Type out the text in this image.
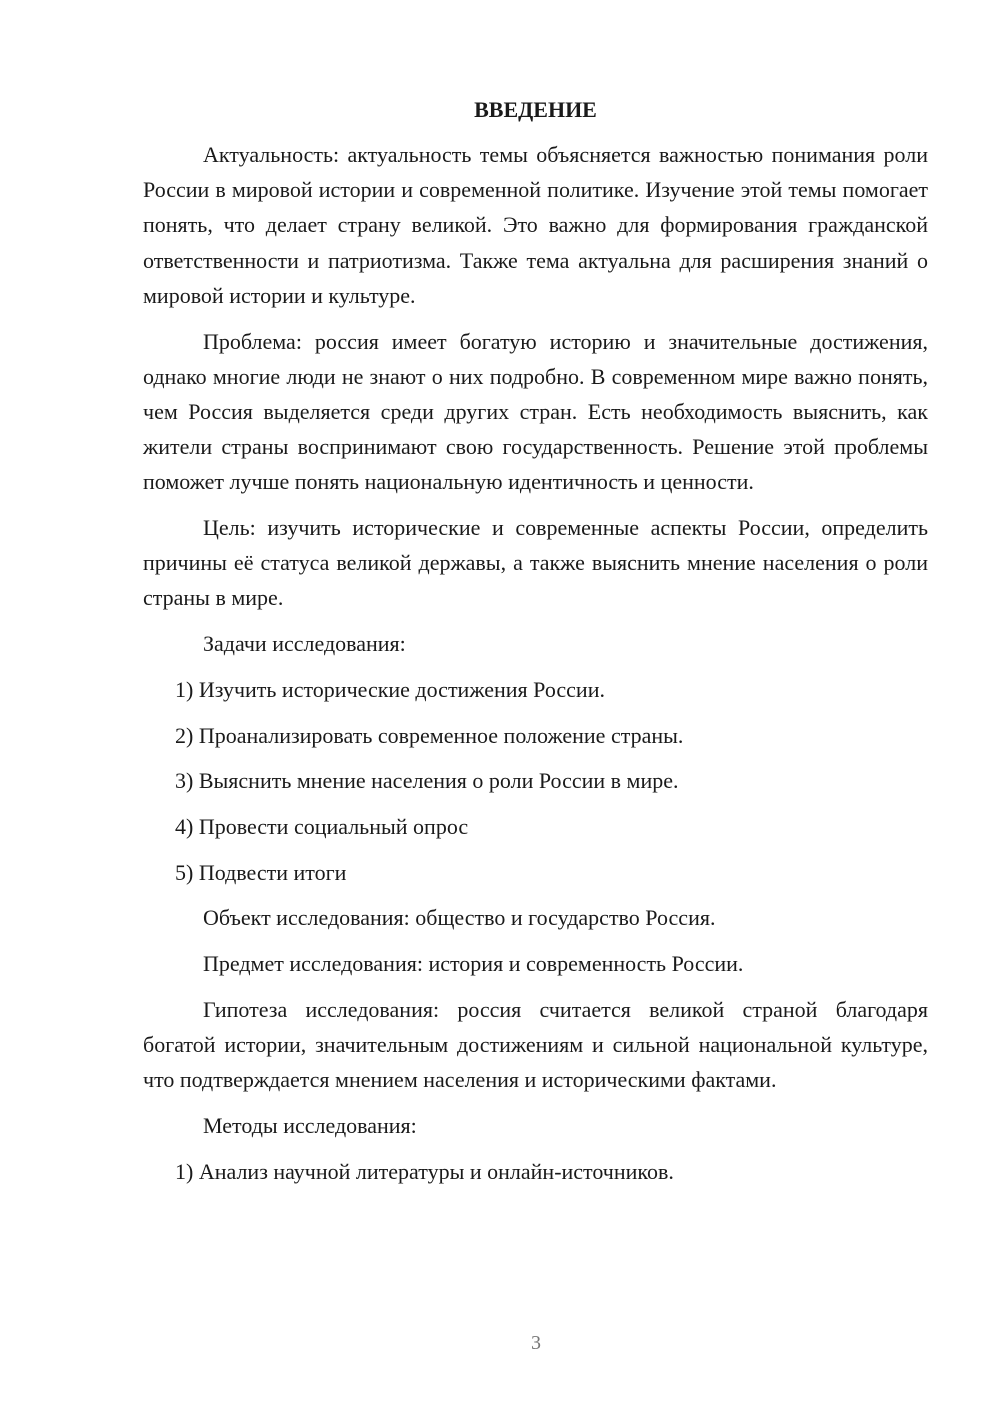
ВВЕДЕНИЕ

Актуальность: актуальность темы объясняется важностью понимания роли России в мировой истории и современной политике. Изучение этой темы помогает понять, что делает страну великой. Это важно для формирования гражданской ответственности и патриотизма. Также тема актуальна для расширения знаний о мировой истории и культуре.

Проблема: россия имеет богатую историю и значительные достижения, однако многие люди не знают о них подробно. В современном мире важно понять, чем Россия выделяется среди других стран. Есть необходимость выяснить, как жители страны воспринимают свою государственность. Решение этой проблемы поможет лучше понять национальную идентичность и ценности.

Цель: изучить исторические и современные аспекты России, определить причины её статуса великой державы, а также выяснить мнение населения о роли страны в мире.

Задачи исследования:

1) Изучить исторические достижения России.

2) Проанализировать современное положение страны.

3) Выяснить мнение населения о роли России в мире.

4) Провести социальный опрос

5) Подвести итоги

Объект исследования: общество и государство Россия.

Предмет исследования: история и современность России.

Гипотеза исследования: россия считается великой страной благодаря богатой истории, значительным достижениям и сильной национальной культуре, что подтверждается мнением населения и историческими фактами.

Методы исследования:

1) Анализ научной литературы и онлайн-источников.

3
